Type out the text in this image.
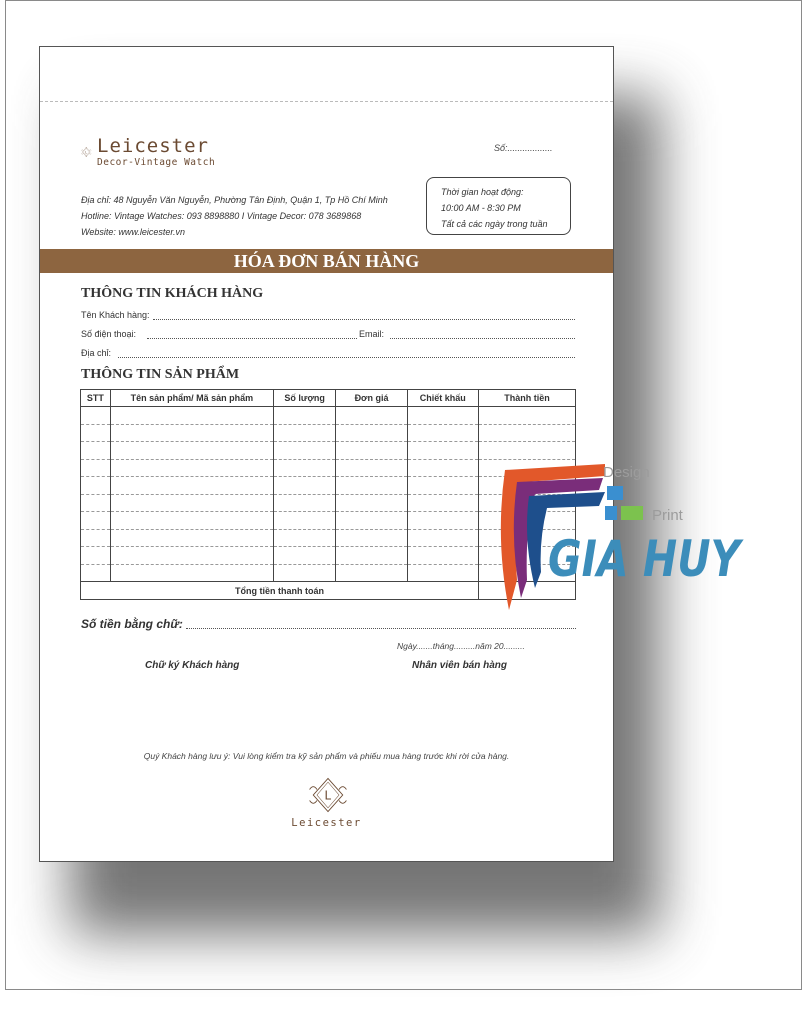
L Leicester
Decor-Vintage Watch
Số:..................
Địa chỉ: 48 Nguyễn Văn Nguyễn, Phường Tân Định, Quận 1, Tp Hồ Chí Minh
Hotline: Vintage Watches: 093 8898880 I Vintage Decor: 078 3689868
Website: www.leicester.vn
Thời gian hoạt động:
10:00 AM - 8:30 PM
Tất cả các ngày trong tuần
HÓA ĐƠN BÁN HÀNG
THÔNG TIN KHÁCH HÀNG
Tên Khách hàng:
Số điện thoại:	Email:
Địa chỉ:
THÔNG TIN SẢN PHẨM
STT	Tên sản phẩm/ Mã sản phẩm	Số lượng	Đơn giá	Chiết khấu	Thành tiền

Tổng tiền thanh toán					
Số tiền bằng chữ:
Ngày.......tháng.........năm 20.........
Chữ ký Khách hàng	Nhân viên bán hàng
Quý Khách hàng lưu ý: Vui lòng kiểm tra kỹ sản phẩm và phiếu mua hàng trước khi rời cửa hàng.
L
Leicester
Design
Print
GIA HUY
